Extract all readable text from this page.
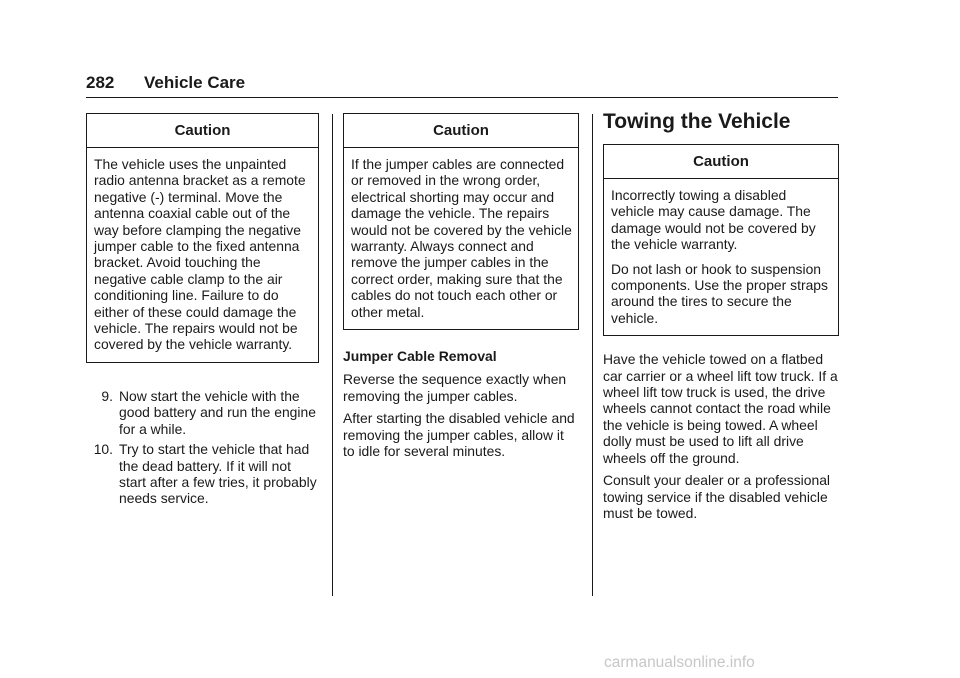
282 Vehicle Care
Caution

The vehicle uses the unpainted radio antenna bracket as a remote negative (-) terminal. Move the antenna coaxial cable out of the way before clamping the negative jumper cable to the fixed antenna bracket. Avoid touching the negative cable clamp to the air conditioning line. Failure to do either of these could damage the vehicle. The repairs would not be covered by the vehicle warranty.

9. Now start the vehicle with the good battery and run the engine for a while.
10. Try to start the vehicle that had the dead battery. If it will not start after a few tries, it probably needs service.
Caution

If the jumper cables are connected or removed in the wrong order, electrical shorting may occur and damage the vehicle. The repairs would not be covered by the vehicle warranty. Always connect and remove the jumper cables in the correct order, making sure that the cables do not touch each other or other metal.

Jumper Cable Removal

Reverse the sequence exactly when removing the jumper cables.

After starting the disabled vehicle and removing the jumper cables, allow it to idle for several minutes.

Towing the Vehicle
Caution

Incorrectly towing a disabled vehicle may cause damage. The damage would not be covered by the vehicle warranty.

Do not lash or hook to suspension components. Use the proper straps around the tires to secure the vehicle.

Have the vehicle towed on a flatbed car carrier or a wheel lift tow truck. If a wheel lift tow truck is used, the drive wheels cannot contact the road while the vehicle is being towed. A wheel dolly must be used to lift all drive wheels off the ground.

Consult your dealer or a professional towing service if the disabled vehicle must be towed.

carmanualsonline.info
